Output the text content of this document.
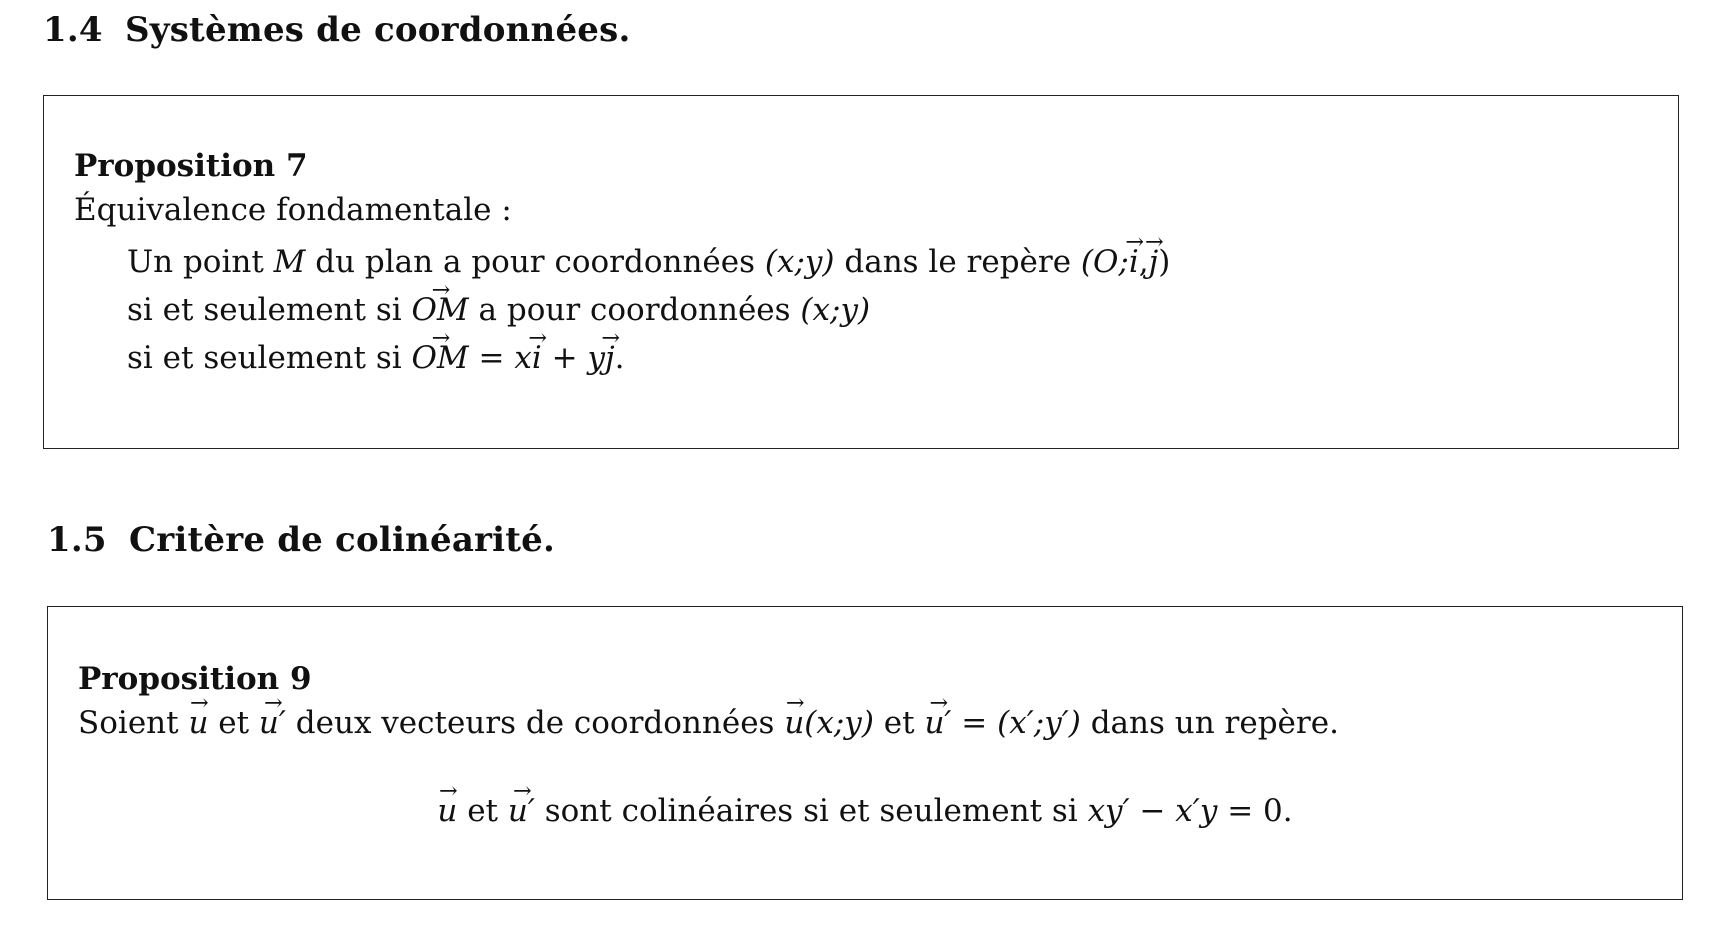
1.4 Systèmes de coordonnées.

Proposition 7

Équivalence fondamentale :
Un point M du plan a pour coordonnées (x;y) dans le repère (O;→ i,→ j)
si et seulement si → OM a pour coordonnées (x;y)
si et seulement si → OM = x→ i + y→ j.
1.5 Critère de colinéarité.

Proposition 9

Soient → u et → u′ deux vecteurs de coordonnées → u(x;y) et → u′ = (x′;y′) dans un repère.
→ u et → u′ sont colinéaires si et seulement si xy′ − x′y = 0.
